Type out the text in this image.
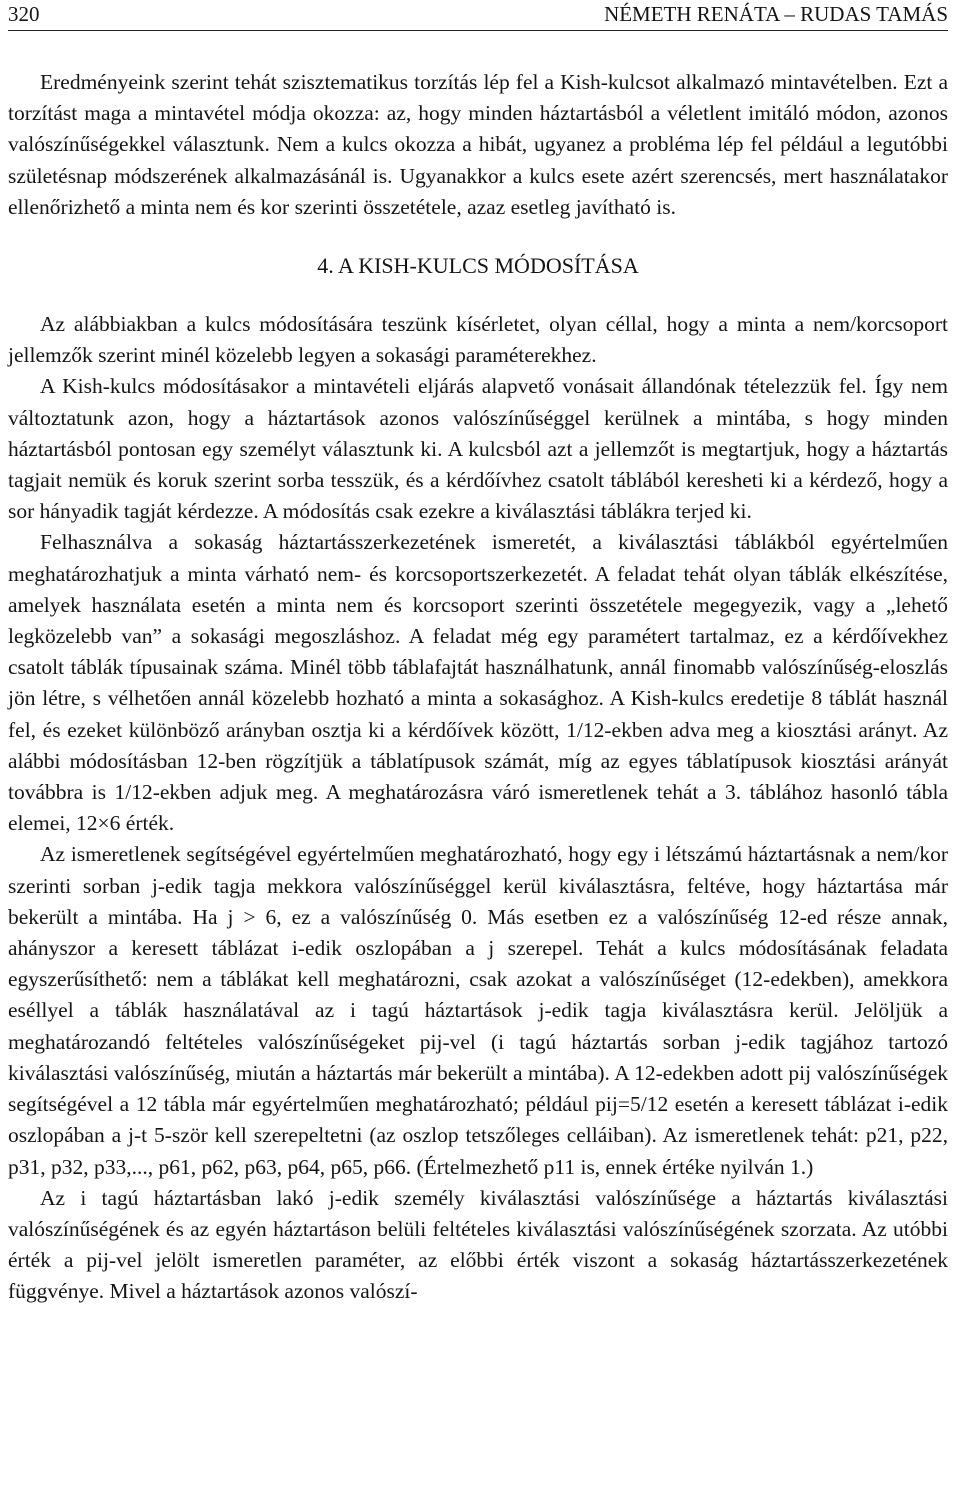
320	NÉMETH RENÁTA – RUDAS TAMÁS

Eredményeink szerint tehát szisztematikus torzítás lép fel a Kish-kulcsot alkalmazó mintavételben. Ezt a torzítást maga a mintavétel módja okozza: az, hogy minden háztartásból a véletlent imitáló módon, azonos valószínűségekkel választunk. Nem a kulcs okozza a hibát, ugyanez a probléma lép fel például a legutóbbi születésnap módszerének alkalmazásánál is. Ugyanakkor a kulcs esete azért szerencsés, mert használatakor ellenőrizhető a minta nem és kor szerinti összetétele, azaz esetleg javítható is.

4. A KISH-KULCS MÓDOSÍTÁSA

Az alábbiakban a kulcs módosítására teszünk kísérletet, olyan céllal, hogy a minta a nem/korcsoport jellemzők szerint minél közelebb legyen a sokasági paraméterekhez.

A Kish-kulcs módosításakor a mintavételi eljárás alapvető vonásait állandónak tételezzük fel. Így nem változtatunk azon, hogy a háztartások azonos valószínűséggel kerülnek a mintába, s hogy minden háztartásból pontosan egy személyt választunk ki. A kulcsból azt a jellemzőt is megtartjuk, hogy a háztartás tagjait nemük és koruk szerint sorba tesszük, és a kérdőívhez csatolt táblából keresheti ki a kérdező, hogy a sor hányadik tagját kérdezze. A módosítás csak ezekre a kiválasztási táblákra terjed ki.

Felhasználva a sokaság háztartásszerkezetének ismeretét, a kiválasztási táblákból egyértelműen meghatározhatjuk a minta várható nem- és korcsoportszerkezetét. A feladat tehát olyan táblák elkészítése, amelyek használata esetén a minta nem és korcsoport szerinti összetétele megegyezik, vagy a „lehető legközelebb van” a sokasági megoszláshoz. A feladat még egy paramétert tartalmaz, ez a kérdőívekhez csatolt táblák típusainak száma. Minél több táblafajtát használhatunk, annál finomabb valószínűség-eloszlás jön létre, s vélhetően annál közelebb hozható a minta a sokasághoz. A Kish-kulcs eredetije 8 táblát használ fel, és ezeket különböző arányban osztja ki a kérdőívek között, 1/12-ekben adva meg a kiosztási arányt. Az alábbi módosításban 12-ben rögzítjük a táblatípusok számát, míg az egyes táblatípusok kiosztási arányát továbbra is 1/12-ekben adjuk meg. A meghatározásra váró ismeretlenek tehát a 3. táblához hasonló tábla elemei, 12×6 érték.

Az ismeretlenek segítségével egyértelműen meghatározható, hogy egy i létszámú háztartásnak a nem/kor szerinti sorban j-edik tagja mekkora valószínűséggel kerül kiválasztásra, feltéve, hogy háztartása már bekerült a mintába. Ha j > 6, ez a valószínűség 0. Más esetben ez a valószínűség 12-ed része annak, ahányszor a keresett táblázat i-edik oszlopában a j szerepel. Tehát a kulcs módosításának feladata egyszerűsíthető: nem a táblákat kell meghatározni, csak azokat a valószínűséget (12-edekben), amekkora eséllyel a táblák használatával az i tagú háztartások j-edik tagja kiválasztásra kerül. Jelöljük a meghatározandó feltételes valószínűségeket pij-vel (i tagú háztartás sorban j-edik tagjához tartozó kiválasztási valószínűség, miután a háztartás már bekerült a mintába). A 12-edekben adott pij valószínűségek segítségével a 12 tábla már egyértelműen meghatározható; például pij=5/12 esetén a keresett táblázat i-edik oszlopában a j-t 5-ször kell szerepeltetni (az oszlop tetszőleges celláiban). Az ismeretlenek tehát: p21, p22, p31, p32, p33,..., p61, p62, p63, p64, p65, p66. (Értelmezhető p11 is, ennek értéke nyilván 1.)

Az i tagú háztartásban lakó j-edik személy kiválasztási valószínűsége a háztartás kiválasztási valószínűségének és az egyén háztartáson belüli feltételes kiválasztási valószínűségének szorzata. Az utóbbi érték a pij-vel jelölt ismeretlen paraméter, az előbbi érték viszont a sokaság háztartásszerkezetének függvénye. Mivel a háztartások azonos valószí-
